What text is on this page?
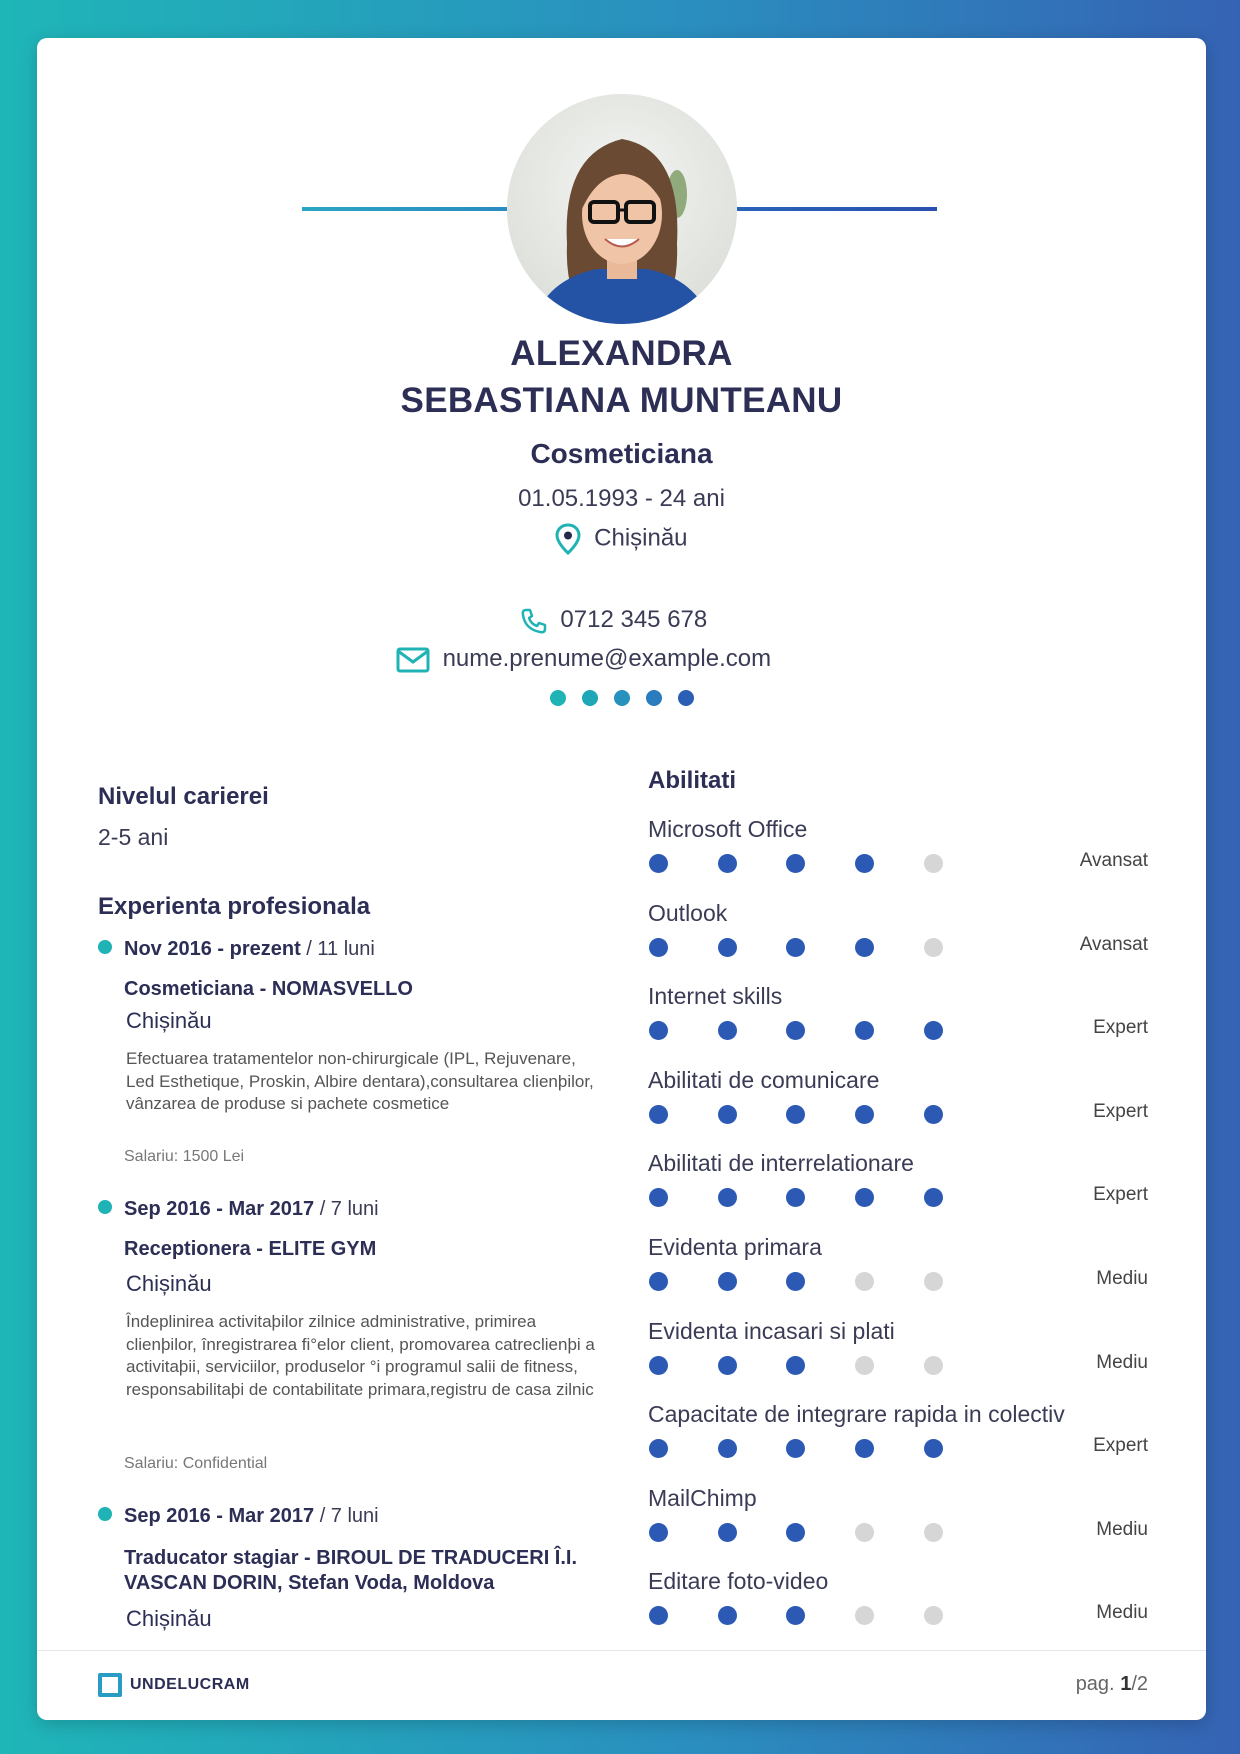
ALEXANDRA
SEBASTIANA MUNTEANU
Cosmeticiana
01.05.1993 - 24 ani
Chișinău
0712 345 678
nume.prenume@example.com
Nivelul carierei
2-5 ani
Experienta profesionala
Nov 2016 - prezent / 11 luni
Cosmeticiana - NOMASVELLO
Chișinău
Efectuarea tratamentelor non-chirurgicale (IPL, Rejuvenare, Led Esthetique, Proskin, Albire dentara),consultarea clienþilor, vânzarea de produse si pachete cosmetice
Salariu: 1500 Lei
Sep 2016 - Mar 2017 / 7 luni
Receptionera - ELITE GYM
Chișinău
Îndeplinirea activitaþilor zilnice administrative, primirea clienþilor, înregistrarea fi°elor client, promovarea catreclienþi a activitaþii, serviciilor, produselor °i programul salii de fitness, responsabilitaþi de contabilitate primara,registru de casa zilnic
Salariu: Confidential
Sep 2016 - Mar 2017 / 7 luni
Traducator stagiar - BIROUL DE TRADUCERI Î.I.
VASCAN DORIN, Stefan Voda, Moldova
Chișinău
Abilitati
Microsoft Office
Avansat
Outlook
Avansat
Internet skills
Expert
Abilitati de comunicare
Expert
Abilitati de interrelationare
Expert
Evidenta primara
Mediu
Evidenta incasari si plati
Mediu
Capacitate de integrare rapida in colectiv
Expert
MailChimp
Mediu
Editare foto-video
Mediu
UNDELUCRAM	pag. 1/2
